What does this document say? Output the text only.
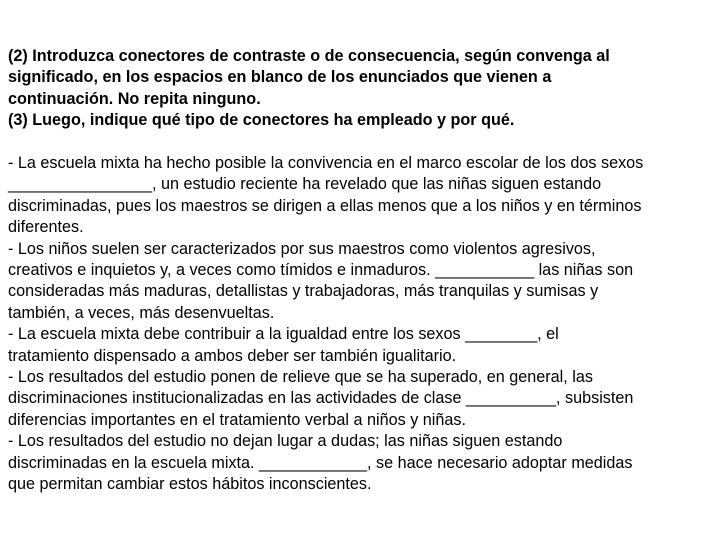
(2) Introduzca conectores de contraste o de consecuencia, según convenga al

significado, en los espacios en blanco de los enunciados que vienen a

continuación. No repita ninguno.

(3) Luego, indique qué tipo de conectores ha empleado y por qué.

- La escuela mixta ha hecho posible la convivencia en el marco escolar de los dos sexos

________________, un estudio reciente ha revelado que las niñas siguen estando

discriminadas, pues los maestros se dirigen a ellas menos que a los niños y en términos

diferentes.

- Los niños suelen ser caracterizados por sus maestros como violentos agresivos,

creativos e inquietos y, a veces como tímidos e inmaduros. ___________ las niñas son

consideradas más maduras, detallistas y trabajadoras, más tranquilas y sumisas y

también, a veces, más desenvueltas.

- La escuela mixta debe contribuir a la igualdad entre los sexos ________, el

tratamiento dispensado a ambos deber ser también igualitario.

- Los resultados del estudio ponen de relieve que se ha superado, en general, las

discriminaciones institucionalizadas en las actividades de clase __________, subsisten

diferencias importantes en el tratamiento verbal a niños y niñas.

- Los resultados del estudio no dejan lugar a dudas; las niñas siguen estando

discriminadas en la escuela mixta. ____________, se hace necesario adoptar medidas

que permitan cambiar estos hábitos inconscientes.
